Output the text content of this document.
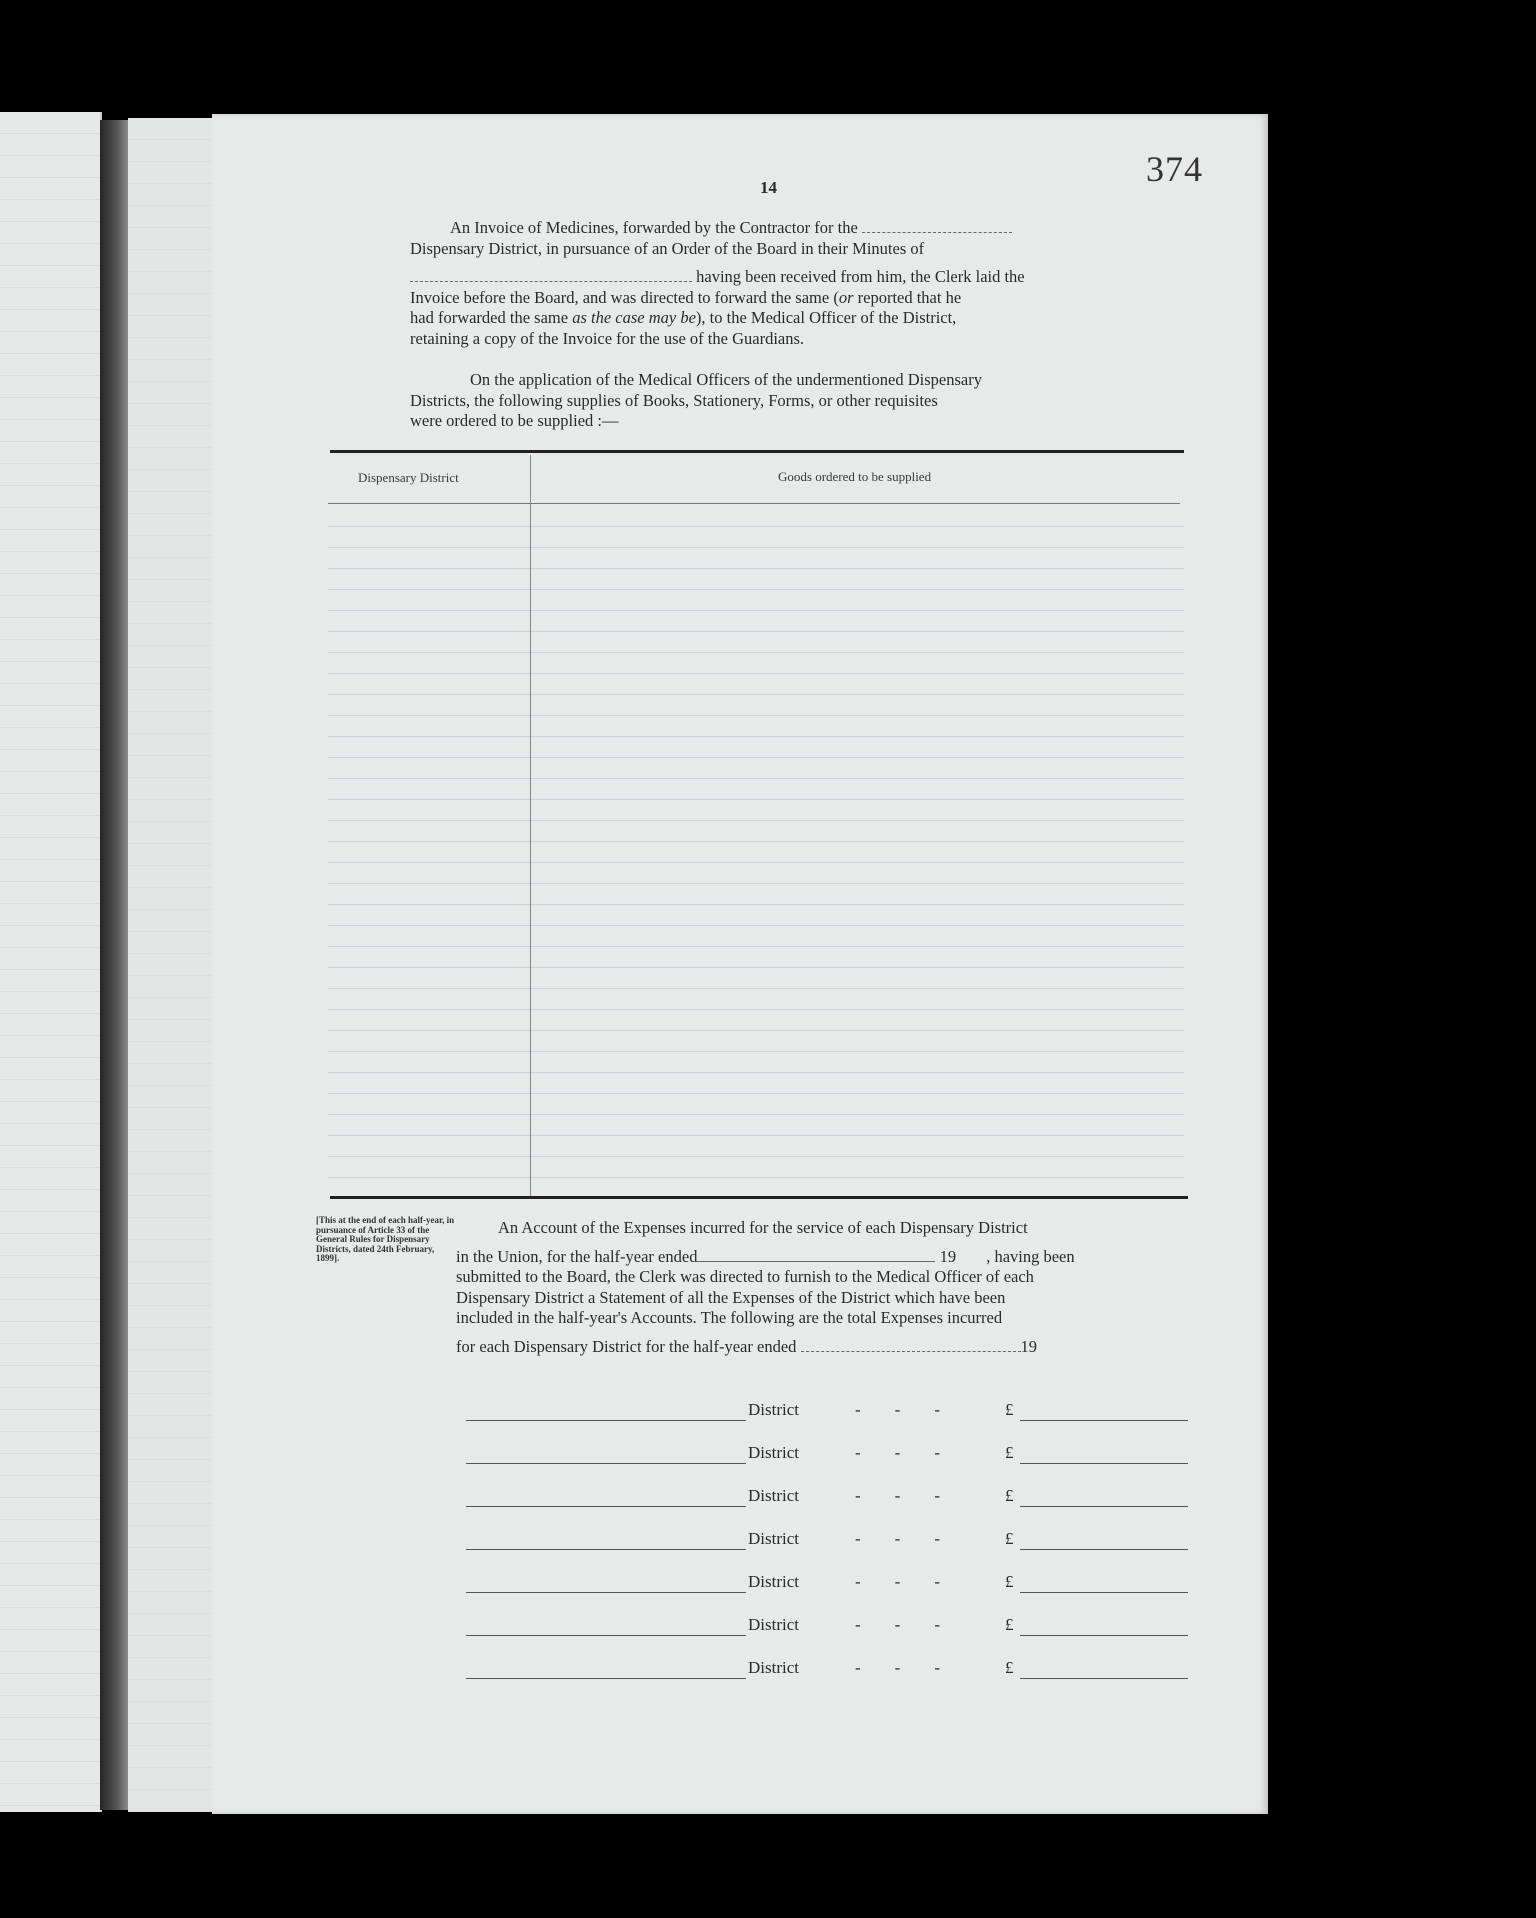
14	374
An Invoice of Medicines, forwarded by the Contractor for the
Dispensary District, in pursuance of an Order of the Board in their Minutes of
having been received from him, the Clerk laid the
Invoice before the Board, and was directed to forward the same (or reported that he
had forwarded the same as the case may be), to the Medical Officer of the District,
retaining a copy of the Invoice for the use of the Guardians.
On the application of the Medical Officers of the undermentioned Dispensary
Districts, the following supplies of Books, Stationery, Forms, or other requisites
were ordered to be supplied :—
Dispensary District	Goods ordered to be supplied
[This at the end of each half-year, in pursuance of Article 33 of the General Rules for Dispensary Districts, dated 24th February, 1899].
An Account of the Expenses incurred for the service of each Dispensary District
in the Union, for the half-year ended	19 , having been
submitted to the Board, the Clerk was directed to furnish to the Medical Officer of each
Dispensary District a Statement of all the Expenses of the District which have been
included in the half-year's Accounts. The following are the total Expenses incurred
for each Dispensary District for the half-year ended	19
District	-        -        -	£
District	-        -        -	£
District	-        -        -	£
District	-        -        -	£
District	-        -        -	£
District	-        -        -	£
District	-        -        -	£
